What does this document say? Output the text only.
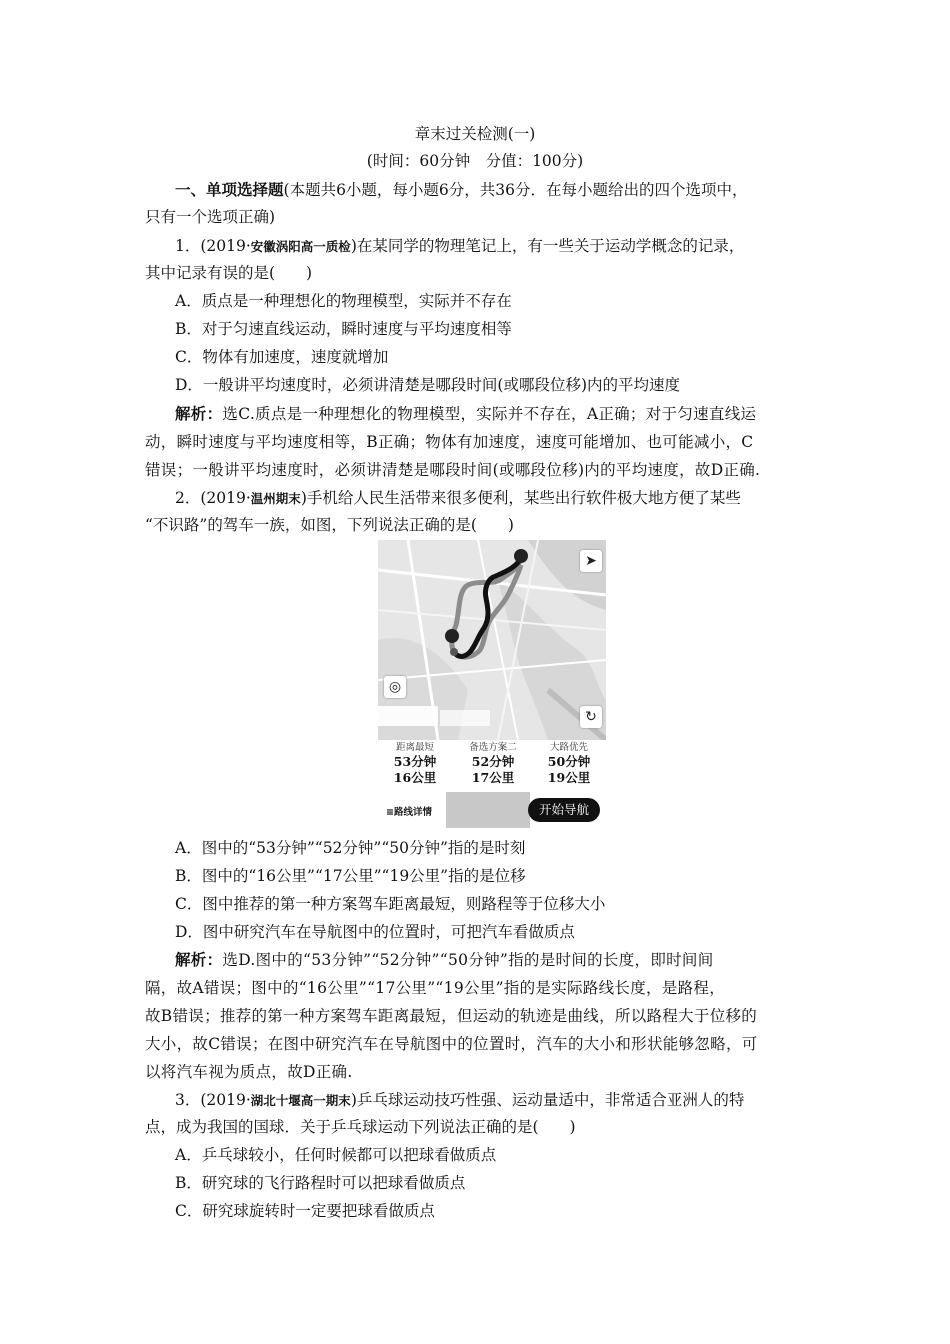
章末过关检测(一)
(时间：60分钟　分值：100分)
一、单项选择题(本题共6小题，每小题6分，共36分．在每小题给出的四个选项中，
只有一个选项正确)
1．(2019·安徽涡阳高一质检)在某同学的物理笔记上，有一些关于运动学概念的记录，
其中记录有误的是(　　)
A．质点是一种理想化的物理模型，实际并不存在
B．对于匀速直线运动，瞬时速度与平均速度相等
C．物体有加速度，速度就增加
D．一般讲平均速度时，必须讲清楚是哪段时间(或哪段位移)内的平均速度
解析：选C.质点是一种理想化的物理模型，实际并不存在，A正确；对于匀速直线运
动，瞬时速度与平均速度相等，B正确；物体有加速度，速度可能增加、也可能减小，C
错误；一般讲平均速度时，必须讲清楚是哪段时间(或哪段位移)内的平均速度，故D正确.
2．(2019·温州期末)手机给人民生活带来很多便利，某些出行软件极大地方便了某些
“不识路”的驾车一族，如图，下列说法正确的是(　　)
◎
↻
➤
距离最短
53分钟
16公里
备选方案二
52分钟
17公里
大路优先
50分钟
19公里
≡路线详情	开始导航
A．图中的“53分钟”“52分钟”“50分钟”指的是时刻
B．图中的“16公里”“17公里”“19公里”指的是位移
C．图中推荐的第一种方案驾车距离最短，则路程等于位移大小
D．图中研究汽车在导航图中的位置时，可把汽车看做质点
解析：选D.图中的“53分钟”“52分钟”“50分钟”指的是时间的长度，即时间间
隔，故A错误；图中的“16公里”“17公里”“19公里”指的是实际路线长度，是路程，
故B错误；推荐的第一种方案驾车距离最短，但运动的轨迹是曲线，所以路程大于位移的
大小，故C错误；在图中研究汽车在导航图中的位置时，汽车的大小和形状能够忽略，可
以将汽车视为质点，故D正确.
3．(2019·湖北十堰高一期末)乒乓球运动技巧性强、运动量适中，非常适合亚洲人的特
点，成为我国的国球．关于乒乓球运动下列说法正确的是(　　)
A．乒乓球较小，任何时候都可以把球看做质点
B．研究球的飞行路程时可以把球看做质点
C．研究球旋转时一定要把球看做质点
